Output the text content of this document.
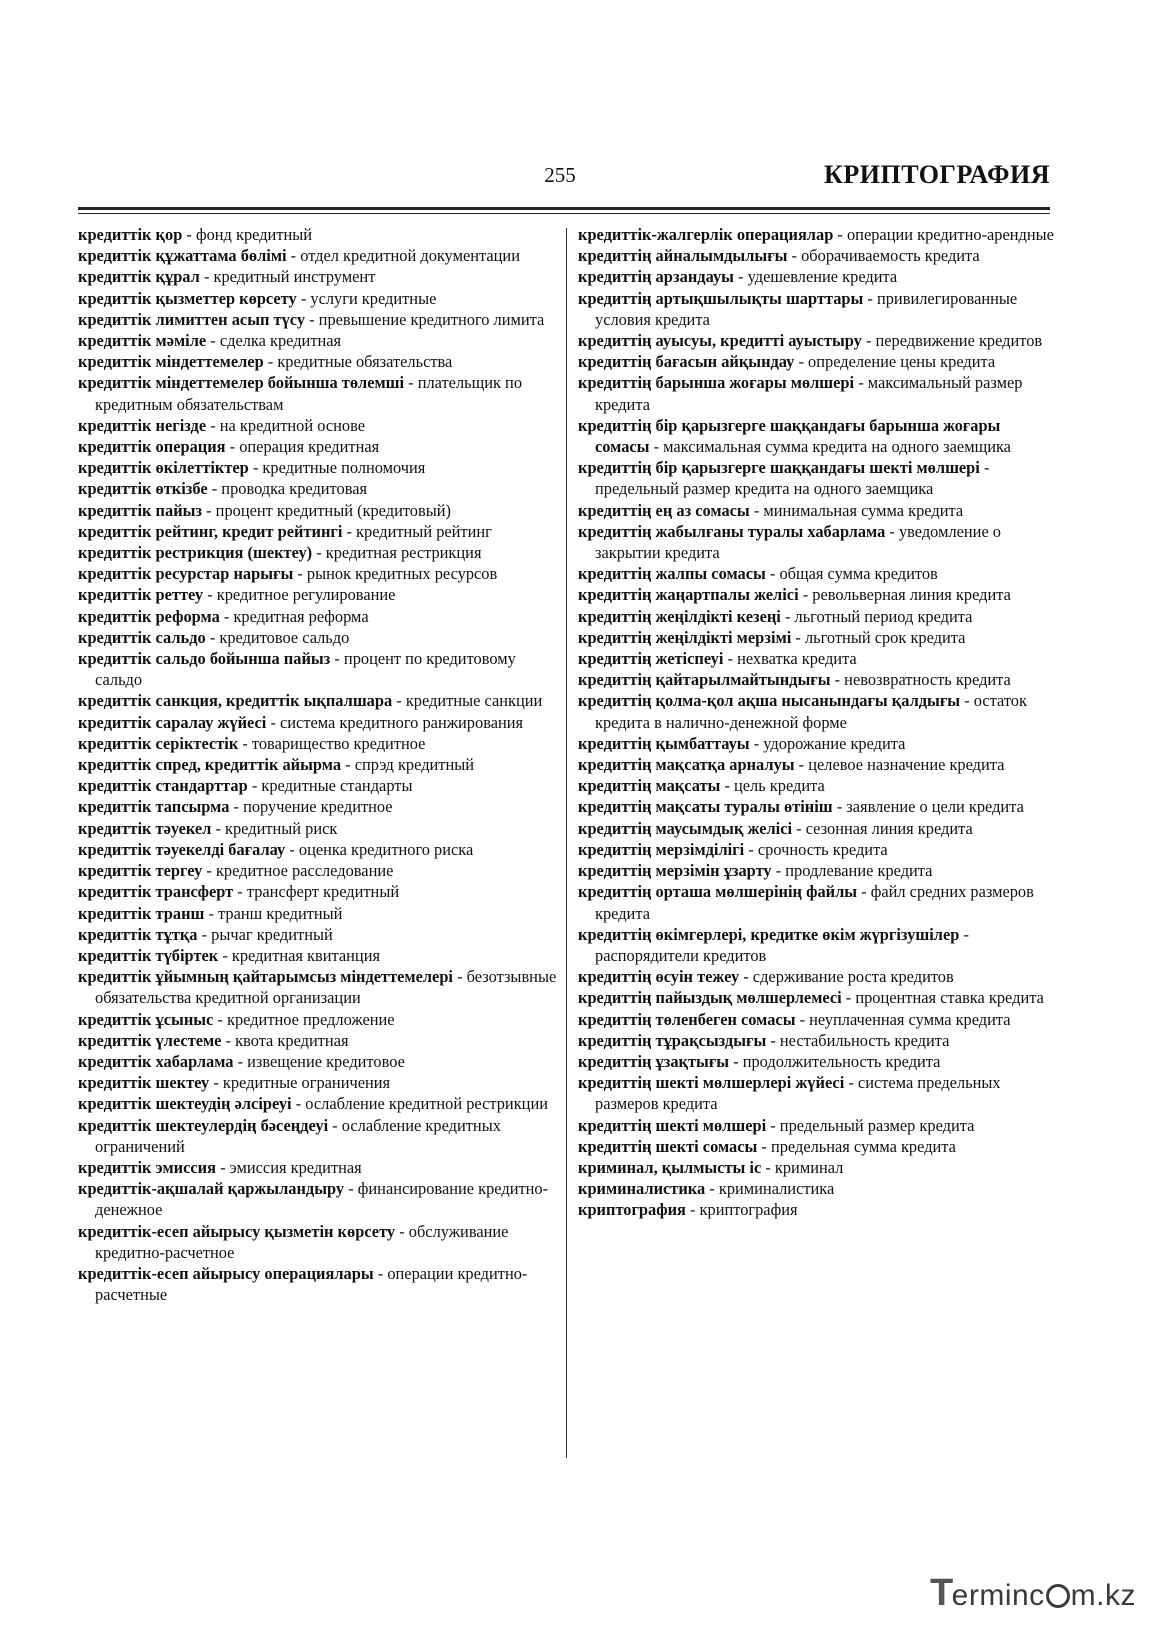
255	КРИПТОГРАФИЯ
кредиттік қор - фонд кредитный
кредиттік құжаттама бөлімі - отдел кредитной документации
кредиттік құрал - кредитный инструмент
кредиттік қызметтер көрсету - услуги кредитные
кредиттік лимиттен асып түсу - превышение кредитного лимита
кредиттік мәміле - сделка кредитная
кредиттік міндеттемелер - кредитные обязательства
кредиттік міндеттемелер бойынша төлемші - плательщик по кредитным обязательствам
кредиттік негізде - на кредитной основе
кредиттік операция - операция кредитная
кредиттік өкілеттіктер - кредитные полномочия
кредиттік өткізбе - проводка кредитовая
кредиттік пайыз - процент кредитный (кредитовый)
кредиттік рейтинг, кредит рейтингі - кредитный рейтинг
кредиттік рестрикция (шектеу) - кредитная рестрикция
кредиттік ресурстар нарығы - рынок кредитных ресурсов
кредиттік реттеу - кредитное регулирование
кредиттік реформа - кредитная реформа
кредиттік сальдо - кредитовое сальдо
кредиттік сальдо бойынша пайыз - процент по кредитовому сальдо
кредиттік санкция, кредиттік ықпалшара - кредитные санкции
кредиттік саралау жүйесі - система кредитного ранжирования
кредиттік серіктестік - товарищество кредитное
кредиттік спред, кредиттік айырма - спрэд кредитный
кредиттік стандарттар - кредитные стандарты
кредиттік тапсырма - поручение кредитное
кредиттік тәуекел - кредитный риск
кредиттік тәуекелді бағалау - оценка кредитного риска
кредиттік тергеу - кредитное расследование
кредиттік трансферт - трансферт кредитный
кредиттік транш - транш кредитный
кредиттік тұтқа - рычаг кредитный
кредиттік түбіртек - кредитная квитанция
кредиттік ұйымның қайтарымсыз міндеттемелері - безотзывные обязательства кредитной организации
кредиттік ұсыныс - кредитное предложение
кредиттік үлестеме - квота кредитная
кредиттік хабарлама - извещение кредитовое
кредиттік шектеу - кредитные ограничения
кредиттік шектеудің әлсіреуі - ослабление кредитной рестрикции
кредиттік шектеулердің бәсеңдеуі - ослабление кредитных ограничений
кредиттік эмиссия - эмиссия кредитная
кредиттік-ақшалай қаржыландыру - финансирование кредитно-денежное
кредиттік-есеп айырысу қызметін көрсету - обслуживание кредитно-расчетное
кредиттік-есеп айырысу операциялары - операции кредитно-расчетные
кредиттік-жалгерлік операциялар - операции кредитно-арендные
кредиттің айналымдылығы - оборачиваемость кредита
кредиттің арзандауы - удешевление кредита
кредиттің артықшылықты шарттары - привилегированные условия кредита
кредиттің ауысуы, кредитті ауыстыру - передвижение кредитов
кредиттің бағасын айқындау - определение цены кредита
кредиттің барынша жоғары мөлшері - максимальный размер кредита
кредиттің бір қарызгерге шаққандағы барынша жоғары сомасы - максимальная сумма кредита на одного заемщика
кредиттің бір қарызгерге шаққандағы шекті мөлшері - предельный размер кредита на одного заемщика
кредиттің ең аз сомасы - минимальная сумма кредита
кредиттің жабылғаны туралы хабарлама - уведомление о закрытии кредита
кредиттің жалпы сомасы - общая сумма кредитов
кредиттің жаңартпалы желісі - револьверная линия кредита
кредиттің жеңілдікті кезеңі - льготный период кредита
кредиттің жеңілдікті мерзімі - льготный срок кредита
кредиттің жетіспеуі - нехватка кредита
кредиттің қайтарылмайтындығы - невозвратность кредита
кредиттің қолма-қол ақша нысанындағы қалдығы - остаток кредита в налично-денежной форме
кредиттің қымбаттауы - удорожание кредита
кредиттің мақсатқа арналуы - целевое назначение кредита
кредиттің мақсаты - цель кредита
кредиттің мақсаты туралы өтініш - заявление о цели кредита
кредиттің маусымдық желісі - сезонная линия кредита
кредиттің мерзімділігі - срочность кредита
кредиттің мерзімін ұзарту - продлевание кредита
кредиттің орташа мөлшерінің файлы - файл средних размеров кредита
кредиттің өкімгерлері, кредитке өкім жүргізушілер - распорядители кредитов
кредиттің өсуін тежеу - сдерживание роста кредитов
кредиттің пайыздық мөлшерлемесі - процентная ставка кредита
кредиттің төленбеген сомасы - неуплаченная сумма кредита
кредиттің тұрақсыздығы - нестабильность кредита
кредиттің ұзақтығы - продолжительность кредита
кредиттің шекті мөлшерлері жүйесі - система предельных размеров кредита
кредиттің шекті мөлшері - предельный размер кредита
кредиттің шекті сомасы - предельная сумма кредита
криминал, қылмысты іс - криминал
криминалистика - криминалистика
криптография - криптография
T
erminc m.kz
